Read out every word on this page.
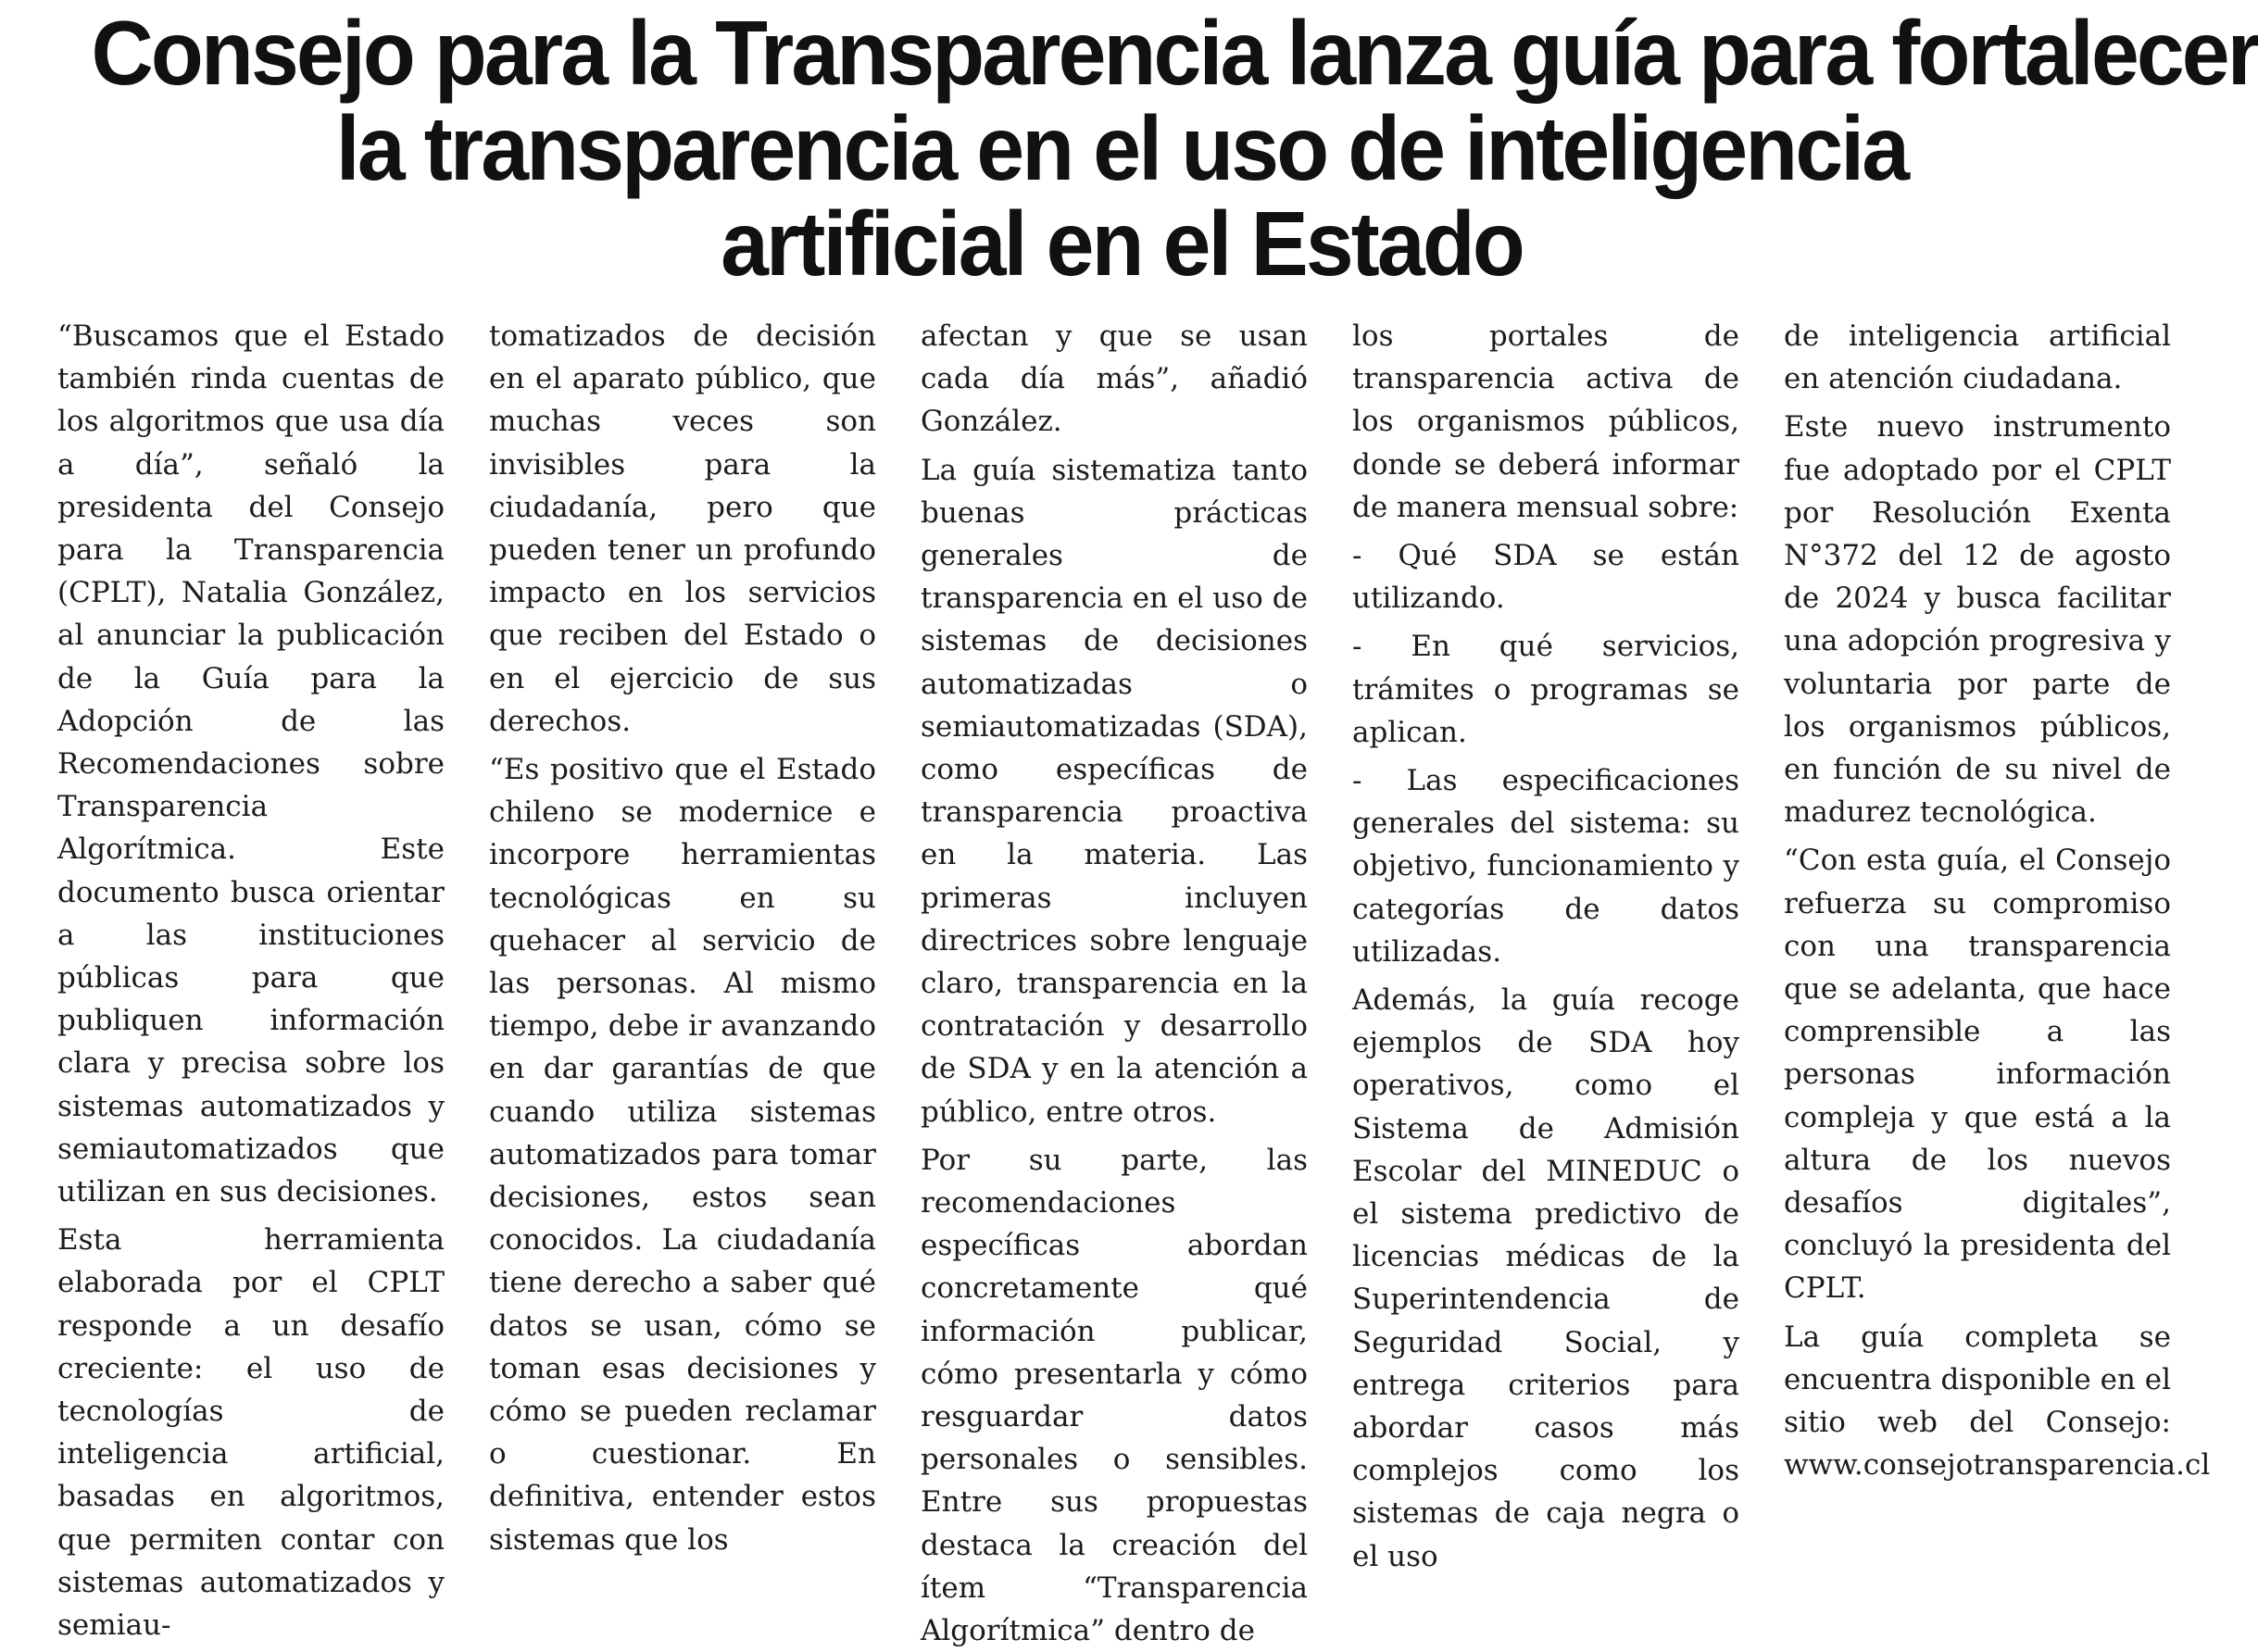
Consejo para la Transparencia lanza guía para fortalecer
la transparencia en el uso de inteligencia
artificial en el Estado

“Buscamos que el Estado también rinda cuentas de los algoritmos que usa día a día”, señaló la presidenta del Consejo para la Transparencia (CPLT), Natalia González, al anunciar la publicación de la Guía para la Adopción de las Recomendaciones sobre Transparencia Algorítmica. Este documento busca orientar a las instituciones públicas para que publiquen información clara y precisa sobre los sistemas automatizados y semiautomatizados que utilizan en sus decisiones.

Esta herramienta elaborada por el CPLT responde a un desafío creciente: el uso de tecnologías de inteligencia artificial, basadas en algoritmos, que permiten contar con sistemas automatizados y semiau-

tomatizados de decisión en el aparato público, que muchas veces son invisibles para la ciudadanía, pero que pueden tener un profundo impacto en los servicios que reciben del Estado o en el ejercicio de sus derechos.

“Es positivo que el Estado chileno se modernice e incorpore herramientas tecnológicas en su quehacer al servicio de las personas. Al mismo tiempo, debe ir avanzando en dar garantías de que cuando utiliza sistemas automatizados para tomar decisiones, estos sean conocidos. La ciudadanía tiene derecho a saber qué datos se usan, cómo se toman esas decisiones y cómo se pueden reclamar o cuestionar. En definitiva, entender estos sistemas que los

afectan y que se usan cada día más”, añadió González.

La guía sistematiza tanto buenas prácticas generales de transparencia en el uso de sistemas de decisiones automatizadas o semiautomatizadas (SDA), como específicas de transparencia proactiva en la materia. Las primeras incluyen directrices sobre lenguaje claro, transparencia en la contratación y desarrollo de SDA y en la atención a público, entre otros.

Por su parte, las recomendaciones específicas abordan concretamente qué información publicar, cómo presentarla y cómo resguardar datos personales o sensibles. Entre sus propuestas destaca la creación del ítem “Transparencia Algorítmica” dentro de

los portales de transparencia activa de los organismos públicos, donde se deberá informar de manera mensual sobre:

- Qué SDA se están utilizando.

- En qué servicios, trámites o programas se aplican.

- Las especificaciones generales del sistema: su objetivo, funcionamiento y categorías de datos utilizadas.

Además, la guía recoge ejemplos de SDA hoy operativos, como el Sistema de Admisión Escolar del MINEDUC o el sistema predictivo de licencias médicas de la Superintendencia de Seguridad Social, y entrega criterios para abordar casos más complejos como los sistemas de caja negra o el uso

de inteligencia artificial en atención ciudadana.

Este nuevo instrumento fue adoptado por el CPLT por Resolución Exenta N°372 del 12 de agosto de 2024 y busca facilitar una adopción progresiva y voluntaria por parte de los organismos públicos, en función de su nivel de madurez tecnológica.

“Con esta guía, el Consejo refuerza su compromiso con una transparencia que se adelanta, que hace comprensible a las personas información compleja y que está a la altura de los nuevos desafíos digitales”, concluyó la presidenta del CPLT.

La guía completa se encuentra disponible en el sitio web del Consejo: www.consejotransparencia.cl
